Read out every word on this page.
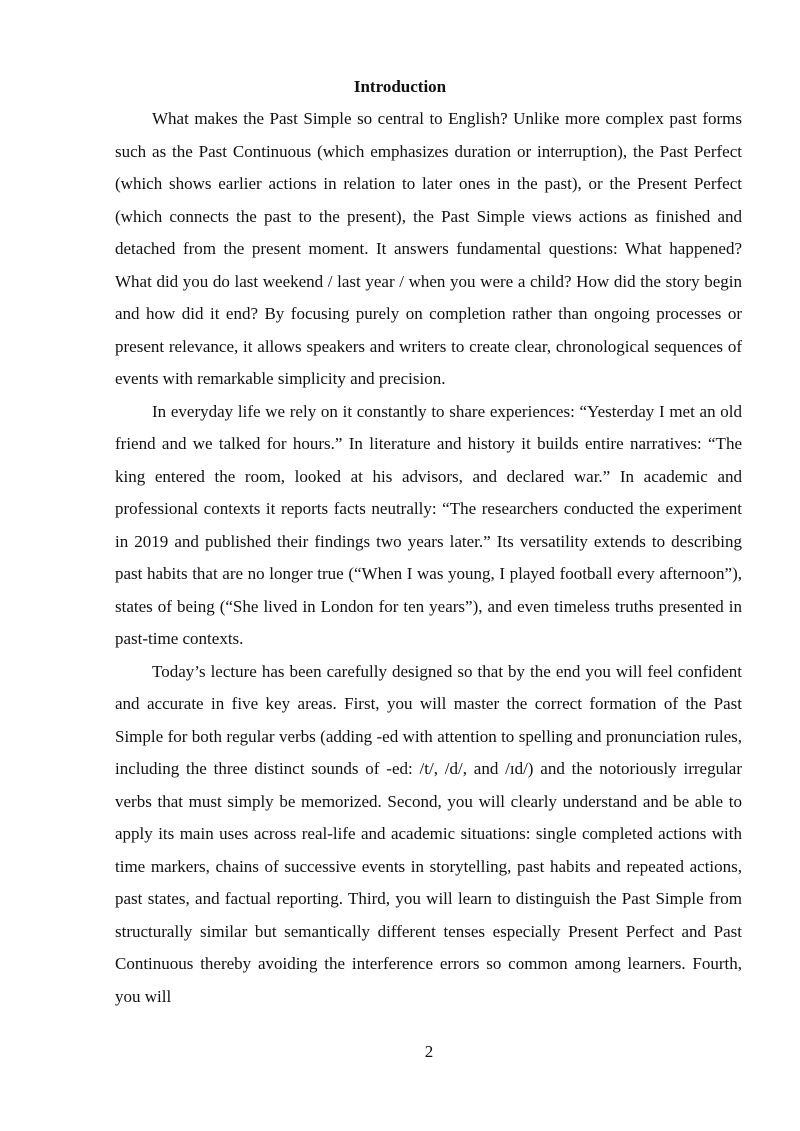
Introduction

What makes the Past Simple so central to English? Unlike more complex past forms such as the Past Continuous (which emphasizes duration or interruption), the Past Perfect (which shows earlier actions in relation to later ones in the past), or the Present Perfect (which connects the past to the present), the Past Simple views actions as finished and detached from the present moment. It answers fundamental questions: What happened? What did you do last weekend / last year / when you were a child? How did the story begin and how did it end? By focusing purely on completion rather than ongoing processes or present relevance, it allows speakers and writers to create clear, chronological sequences of events with remarkable simplicity and precision.

In everyday life we rely on it constantly to share experiences: “Yesterday I met an old friend and we talked for hours.” In literature and history it builds entire narratives: “The king entered the room, looked at his advisors, and declared war.” In academic and professional contexts it reports facts neutrally: “The researchers conducted the experiment in 2019 and published their findings two years later.” Its versatility extends to describing past habits that are no longer true (“When I was young, I played football every afternoon”), states of being (“She lived in London for ten years”), and even timeless truths presented in past-time contexts.

Today’s lecture has been carefully designed so that by the end you will feel confident and accurate in five key areas. First, you will master the correct formation of the Past Simple for both regular verbs (adding -ed with attention to spelling and pronunciation rules, including the three distinct sounds of -ed: /t/, /d/, and /ɪd/) and the notoriously irregular verbs that must simply be memorized. Second, you will clearly understand and be able to apply its main uses across real-life and academic situations: single completed actions with time markers, chains of successive events in storytelling, past habits and repeated actions, past states, and factual reporting. Third, you will learn to distinguish the Past Simple from structurally similar but semantically different tenses especially Present Perfect and Past Continuous thereby avoiding the interference errors so common among learners. Fourth, you will

2
